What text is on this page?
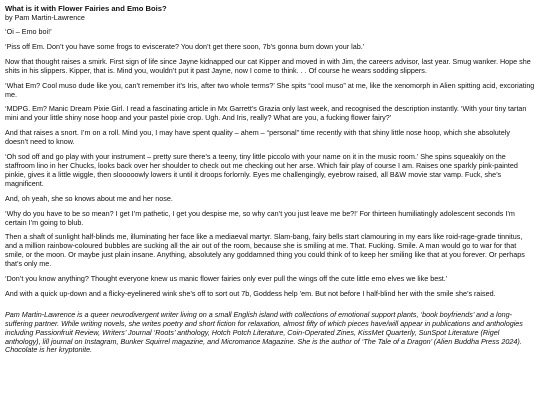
What is it with Flower Fairies and Emo Bois?

by Pam Martin-Lawrence

‘Oi – Emo boi!’

‘Piss off Em. Don’t you have some frogs to eviscerate? You don’t get there soon, 7b’s gonna burn down your lab.’

Now that thought raises a smirk. First sign of life since Jayne kidnapped our cat Kipper and moved in with Jim, the careers advisor, last year. Smug wanker. Hope she shits in his slippers. Kipper, that is. Mind you, wouldn’t put it past Jayne, now I come to think. . . Of course he wears sodding slippers.

‘What Em? Cool muso dude like you, can’t remember it’s Iris, after two whole terms?’ She spits “cool muso” at me, like the xenomorph in Alien spitting acid, excoriating me.

‘MDPG. Em? Manic Dream Pixie Girl. I read a fascinating article in Mx Garrett’s Grazia only last week, and recognised the description instantly. ‘With your tiny tartan mini and your little shiny nose hoop and your pastel pixie crop. Ugh. And Iris, really? What are you, a fucking flower fairy?’

And that raises a snort. I’m on a roll. Mind you, I may have spent quality – ahem – “personal” time recently with that shiny little nose hoop, which she absolutely doesn’t need to know.

‘Oh sod off and go play with your instrument – pretty sure there’s a teeny, tiny little piccolo with your name on it in the music room.’ She spins squeakily on the staffroom lino in her Chucks, looks back over her shoulder to check out me checking out her arse. Which fair play of course I am. Raises one sparkly pink-painted pinkie, gives it a little wiggle, then slooooowly lowers it until it droops forlornly. Eyes me challengingly, eyebrow raised, all B&W movie star vamp. Fuck, she’s magnificent.

And, oh yeah, she so knows about me and her nose.

‘Why do you have to be so mean? I get I’m pathetic, I get you despise me, so why can’t you just leave me be?!’ For thirteen humiliatingly adolescent seconds I’m certain I’m going to blub.

Then a shaft of sunlight half-blinds me, illuminating her face like a mediaeval martyr. Slam-bang, fairy bells start clamouring in my ears like roid-rage-grade tinnitus, and a million rainbow-coloured bubbles are sucking all the air out of the room, because she is smiling at me. That. Fucking. Smile. A man would go to war for that smile, or the moon. Or maybe just plain insane. Anything, absolutely any goddamned thing you could think of to keep her smiling like that at you forever. Or perhaps that’s only me.

‘Don’t you know anything? Thought everyone knew us manic flower fairies only ever pull the wings off the cute little emo elves we like best.’

And with a quick up-down and a flicky-eyelinered wink she’s off to sort out 7b, Goddess help ’em. But not before I half-blind her with the smile she’s raised.

Pam Martin-Lawrence is a queer neurodivergent writer living on a small English island with collections of emotional support plants, ‘book boyfriends’ and a long-suffering partner. While writing novels, she writes poetry and short fiction for relaxation, almost fifty of which pieces have/will appear in publications and anthologies including Passionfruit Review, Writers’ Journal ‘Roots’ anthology, Hotch Potch Literature, Coin-Operated Zines, KissMet Quarterly, SunSpot Literature (Rigel anthology), lill journal on Instagram, Bunker Squirrel magazine, and Micromance Magazine. She is the author of ‘The Tale of a Dragon’ (Alien Buddha Press 2024). Chocolate is her kryptonite.
